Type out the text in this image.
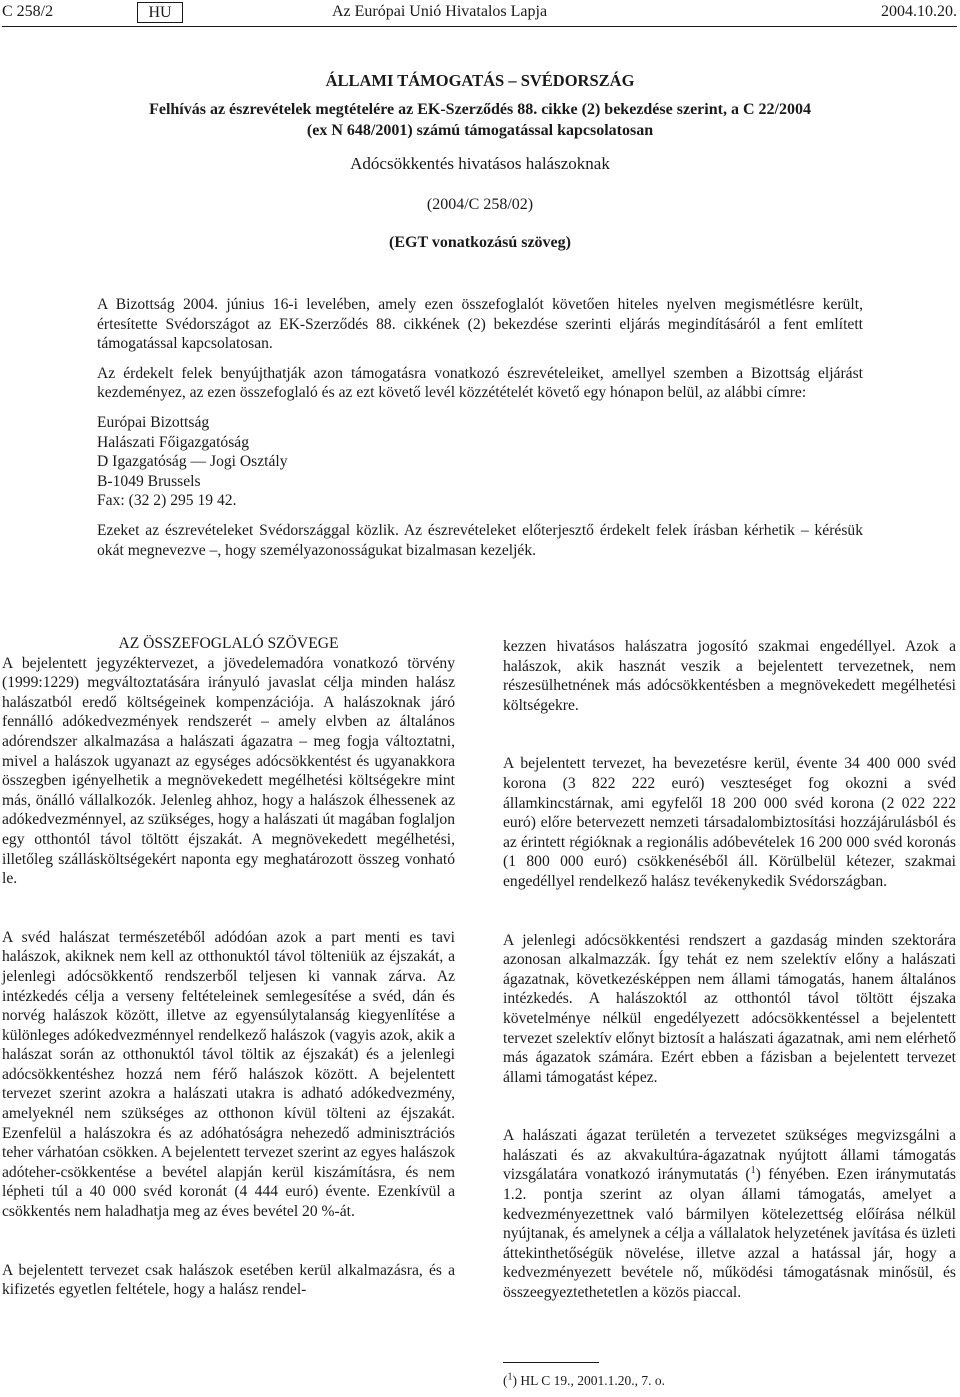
C 258/2	HU	Az Európai Unió Hivatalos Lapja	2004.10.20.

ÁLLAMI TÁMOGATÁS – SVÉDORSZÁG

Felhívás az észrevételek megtételére az EK-Szerződés 88. cikke (2) bekezdése szerint, a C 22/2004
(ex N 648/2001) számú támogatással kapcsolatosan

Adócsökkentés hivatásos halászoknak

(2004/C 258/02)

(EGT vonatkozású szöveg)

A Bizottság 2004. június 16-i levelében, amely ezen összefoglalót követően hiteles nyelven megismétlésre került, értesítette Svédországot az EK-Szerződés 88. cikkének (2) bekezdése szerinti eljárás megindításáról a fent említett támogatással kapcsolatosan.

Az érdekelt felek benyújthatják azon támogatásra vonatkozó észrevételeiket, amellyel szemben a Bizottság eljárást kezdeményez, az ezen összefoglaló és az ezt követő levél közzétételét követő egy hónapon belül, az alábbi címre:

Európai Bizottság
Halászati Főigazgatóság
D Igazgatóság — Jogi Osztály
B-1049 Brussels
Fax: (32 2) 295 19 42.

Ezeket az észrevételeket Svédországgal közlik. Az észrevételeket előterjesztő érdekelt felek írásban kérhetik – kérésük okát megnevezve –, hogy személyazonosságukat bizalmasan kezeljék.

AZ ÖSSZEFOGLALÓ SZÖVEGE

A bejelentett jegyzéktervezet, a jövedelemadóra vonatkozó törvény (1999:1229) megváltoztatására irányuló javaslat célja minden halász halászatból eredő költségeinek kompenzációja. A halászoknak járó fennálló adókedvezmények rendszerét – amely elvben az általános adórendszer alkalmazása a halászati ágazatra – meg fogja változtatni, mivel a halászok ugyanazt az egységes adócsökkentést és ugyanakkora összegben igényelhetik a megnövekedett megélhetési költségekre mint más, önálló vállalkozók. Jelenleg ahhoz, hogy a halászok élhessenek az adókedvezménnyel, az szükséges, hogy a halászati út magában foglaljon egy otthontól távol töltött éjszakát. A megnövekedett megélhetési, illetőleg szállásköltségekért naponta egy meghatározott összeg vonható le.

A svéd halászat természetéből adódóan azok a part menti es tavi halászok, akiknek nem kell az otthonuktól távol tölteniük az éjszakát, a jelenlegi adócsökkentő rendszerből teljesen ki vannak zárva. Az intézkedés célja a verseny feltételeinek semlegesítése a svéd, dán és norvég halászok között, illetve az egyensúlytalanság kiegyenlítése a különleges adókedvezménnyel rendelkező halászok (vagyis azok, akik a halászat során az otthonuktól távol töltik az éjszakát) és a jelenlegi adócsökkentéshez hozzá nem férő halászok között. A bejelentett tervezet szerint azokra a halászati utakra is adható adókedvezmény, amelyeknél nem szükséges az otthonon kívül tölteni az éjszakát. Ezenfelül a halászokra és az adóhatóságra nehezedő adminisztrációs teher várhatóan csökken. A bejelentett tervezet szerint az egyes halászok adóteher-csökkentése a bevétel alapján kerül kiszámításra, és nem lépheti túl a 40 000 svéd koronát (4 444 euró) évente. Ezenkívül a csökkentés nem haladhatja meg az éves bevétel 20 %-át.

A bejelentett tervezet csak halászok esetében kerül alkalmazásra, és a kifizetés egyetlen feltétele, hogy a halász rendel-

kezzen hivatásos halászatra jogosító szakmai engedéllyel. Azok a halászok, akik hasznát veszik a bejelentett tervezetnek, nem részesülhetnének más adócsökkentésben a megnövekedett megélhetési költségekre.

A bejelentett tervezet, ha bevezetésre kerül, évente 34 400 000 svéd korona (3 822 222 euró) veszteséget fog okozni a svéd államkincstárnak, ami egyfelől 18 200 000 svéd korona (2 022 222 euró) előre betervezett nemzeti társadalombiztosítási hozzájárulásból és az érintett régióknak a regionális adóbevételek 16 200 000 svéd koronás (1 800 000 euró) csökkenéséből áll. Körülbelül kétezer, szakmai engedéllyel rendelkező halász tevékenykedik Svédországban.

A jelenlegi adócsökkentési rendszert a gazdaság minden szektorára azonosan alkalmazzák. Így tehát ez nem szelektív előny a halászati ágazatnak, következésképpen nem állami támogatás, hanem általános intézkedés. A halászoktól az otthontól távol töltött éjszaka követelménye nélkül engedélyezett adócsökkentéssel a bejelentett tervezet szelektív előnyt biztosít a halászati ágazatnak, ami nem elérhető más ágazatok számára. Ezért ebben a fázisban a bejelentett tervezet állami támogatást képez.

A halászati ágazat területén a tervezetet szükséges megvizsgálni a halászati és az akvakultúra-ágazatnak nyújtott állami támogatás vizsgálatára vonatkozó iránymutatás ($^1$) fényében. Ezen iránymutatás 1.2. pontja szerint az olyan állami támogatás, amelyet a kedvezményezettnek való bármilyen kötelezettség előírása nélkül nyújtanak, és amelynek a célja a vállalatok helyzetének javítása és üzleti áttekinthetőségük növelése, illetve azzal a hatással jár, hogy a kedvezményezett bevétele nő, működési támogatásnak minősül, és összeegyeztethetetlen a közös piaccal.

($^1$) HL C 19., 2001.1.20., 7. o.
